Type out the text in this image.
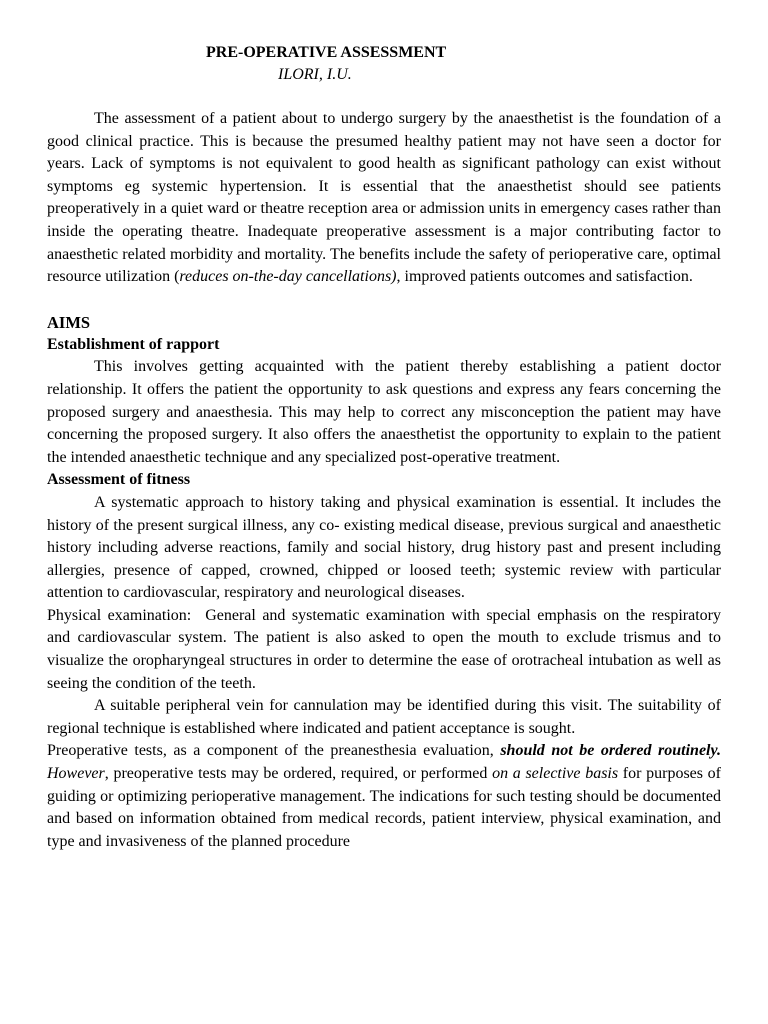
PRE-OPERATIVE ASSESSMENT
ILORI, I.U.

The assessment of a patient about to undergo surgery by the anaesthetist is the foundation of a good clinical practice. This is because the presumed healthy patient may not have seen a doctor for years. Lack of symptoms is not equivalent to good health as significant pathology can exist without symptoms eg systemic hypertension. It is essential that the anaesthetist should see patients preoperatively in a quiet ward or theatre reception area or admission units in emergency cases rather than inside the operating theatre. Inadequate preoperative assessment is a major contributing factor to anaesthetic related morbidity and mortality. The benefits include the safety of perioperative care, optimal resource utilization (reduces on-the-day cancellations), improved patients outcomes and satisfaction.

AIMS
Establishment of rapport

This involves getting acquainted with the patient thereby establishing a patient doctor relationship. It offers the patient the opportunity to ask questions and express any fears concerning the proposed surgery and anaesthesia. This may help to correct any misconception the patient may have concerning the proposed surgery. It also offers the anaesthetist the opportunity to explain to the patient the intended anaesthetic technique and any specialized post-operative treatment.

Assessment of fitness

A systematic approach to history taking and physical examination is essential. It includes the history of the present surgical illness, any co- existing medical disease, previous surgical and anaesthetic history including adverse reactions, family and social history, drug history past and present including allergies, presence of capped, crowned, chipped or loosed teeth; systemic review with particular attention to cardiovascular, respiratory and neurological diseases.

Physical examination: General and systematic examination with special emphasis on the respiratory and cardiovascular system. The patient is also asked to open the mouth to exclude trismus and to visualize the oropharyngeal structures in order to determine the ease of orotracheal intubation as well as seeing the condition of the teeth.

A suitable peripheral vein for cannulation may be identified during this visit. The suitability of regional technique is established where indicated and patient acceptance is sought.

Preoperative tests, as a component of the preanesthesia evaluation, should not be ordered routinely. However, preoperative tests may be ordered, required, or performed on a selective basis for purposes of guiding or optimizing perioperative management. The indications for such testing should be documented and based on information obtained from medical records, patient interview, physical examination, and type and invasiveness of the planned procedure
